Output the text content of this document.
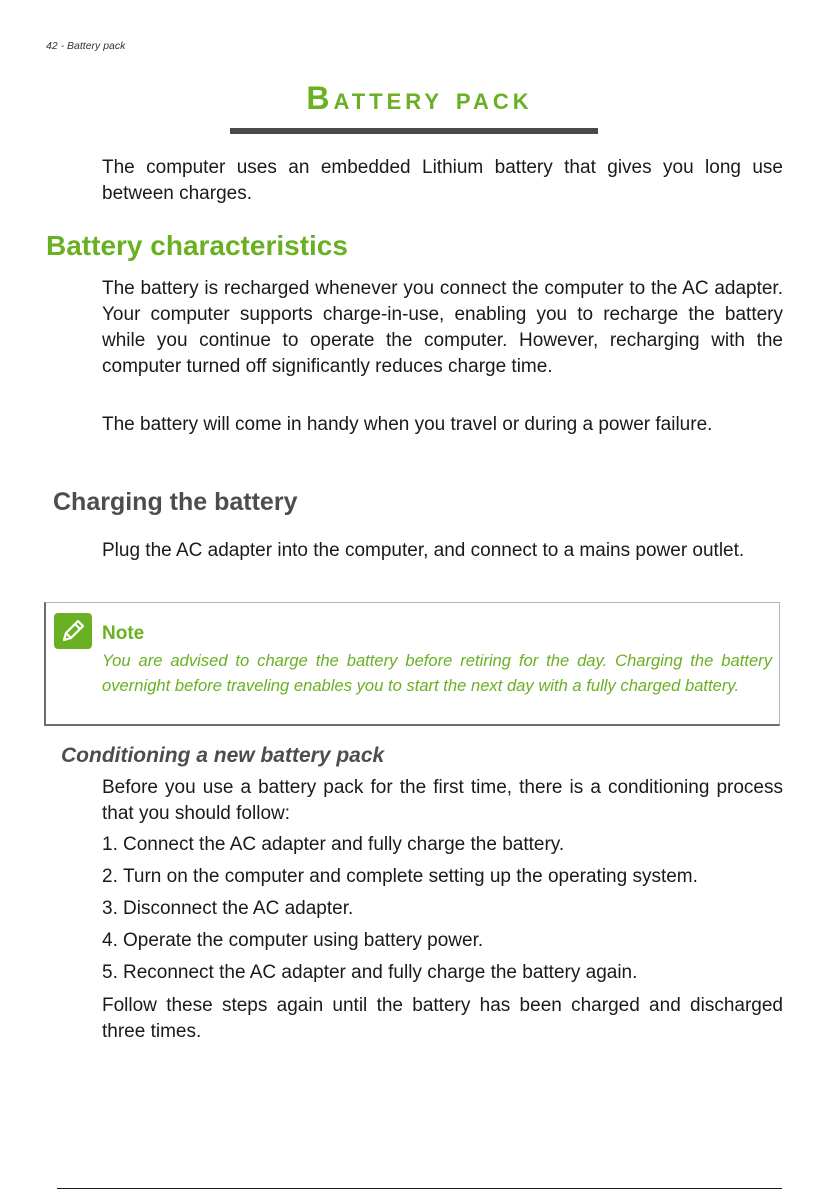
42 - Battery pack
Battery pack

The computer uses an embedded Lithium battery that gives you long use between charges.

Battery characteristics

The battery is recharged whenever you connect the computer to the AC adapter. Your computer supports charge-in-use, enabling you to recharge the battery while you continue to operate the computer. However, recharging with the computer turned off significantly reduces charge time.

The battery will come in handy when you travel or during a power failure.

Charging the battery

Plug the AC adapter into the computer, and connect to a mains power outlet.

Note

You are advised to charge the battery before retiring for the day. Charging the battery overnight before traveling enables you to start the next day with a fully charged battery.

Conditioning a new battery pack

Before you use a battery pack for the first time, there is a conditioning process that you should follow:

1. Connect the AC adapter and fully charge the battery.
2. Turn on the computer and complete setting up the operating system.
3. Disconnect the AC adapter.
4. Operate the computer using battery power.
5. Reconnect the AC adapter and fully charge the battery again.

Follow these steps again until the battery has been charged and discharged three times.
